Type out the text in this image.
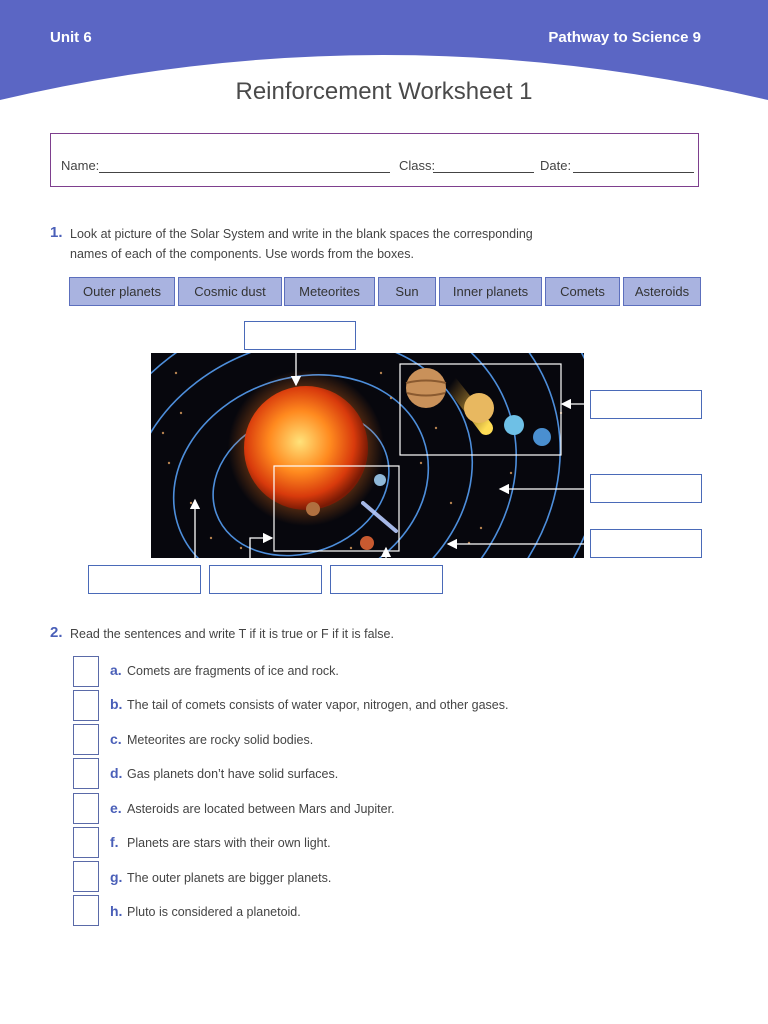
Unit 6	Pathway to Science 9
Reinforcement Worksheet 1
Name:	Class:	Date:
1. Look at picture of the Solar System and write in the blank spaces the corresponding
names of each of the components. Use words from the boxes.
Outer planets	Cosmic dust	Meteorites	Sun	Inner planets	Comets	Asteroids
2. Read the sentences and write T if it is true or F if it is false.
a. Comets are fragments of ice and rock.
b. The tail of comets consists of water vapor, nitrogen, and other gases.
c. Meteorites are rocky solid bodies.
d. Gas planets don’t have solid surfaces.
e. Asteroids are located between Mars and Jupiter.
f. Planets are stars with their own light.
g. The outer planets are bigger planets.
h. Pluto is considered a planetoid.
